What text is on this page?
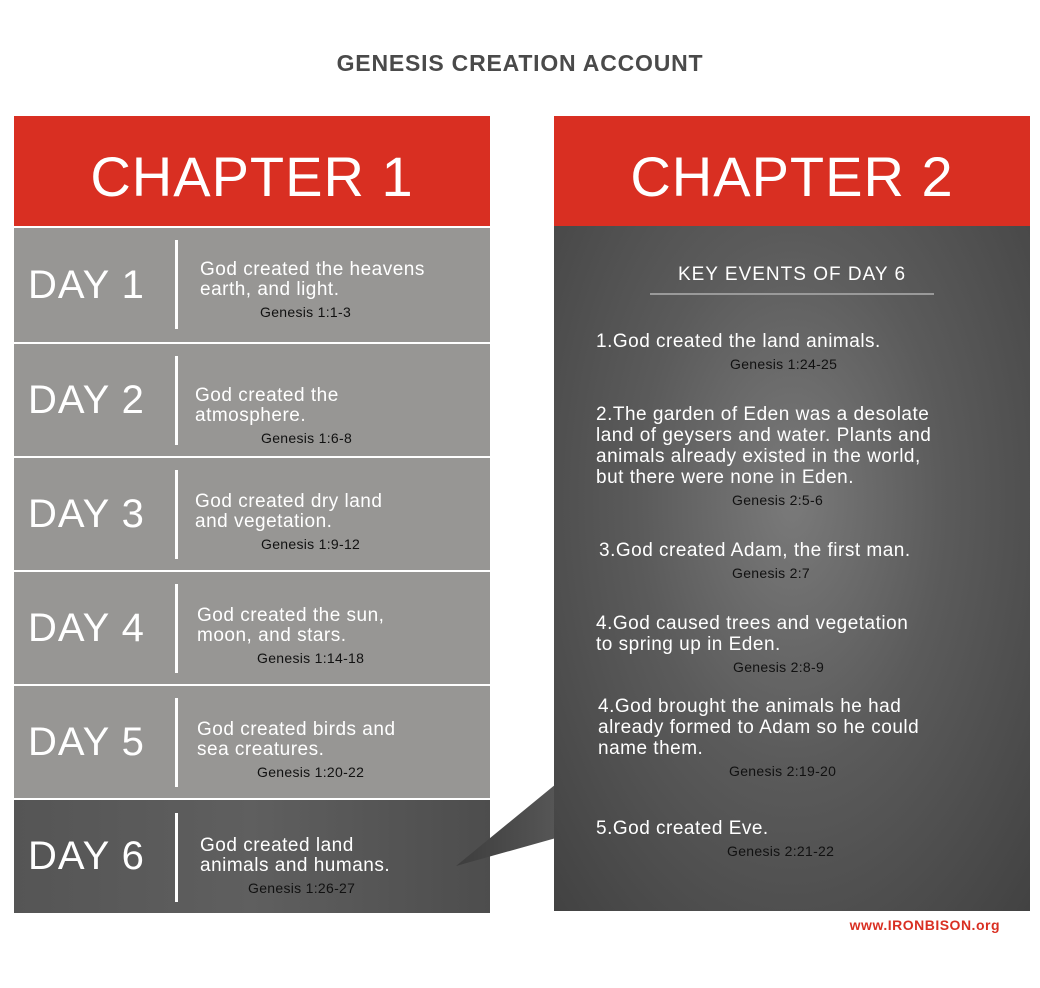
GENESIS CREATION ACCOUNT
CHAPTER 1
DAY 1	God created the heavens
earth, and light.
Genesis 1:1-3
DAY 2	God created the
atmosphere.
Genesis 1:6-8
DAY 3	God created dry land
and vegetation.
Genesis 1:9-12
DAY 4	God created the sun,
moon, and stars.
Genesis 1:14-18
DAY 5	God created birds and
sea creatures.
Genesis 1:20-22
DAY 6	God created land
animals and humans.
Genesis 1:26-27
CHAPTER 2
KEY EVENTS OF DAY 6
1.God created the land animals.
Genesis 1:24-25
2.The garden of Eden was a desolate
land of geysers and water. Plants and
animals already existed in the world,
but there were none in Eden.
Genesis 2:5-6
3.God created Adam, the first man.
Genesis 2:7
4.God caused trees and vegetation
to spring up in Eden.
Genesis 2:8-9
4.God brought the animals he had
already formed to Adam so he could
name them.
Genesis 2:19-20
5.God created Eve.
Genesis 2:21-22
www.IRONBISON.org
